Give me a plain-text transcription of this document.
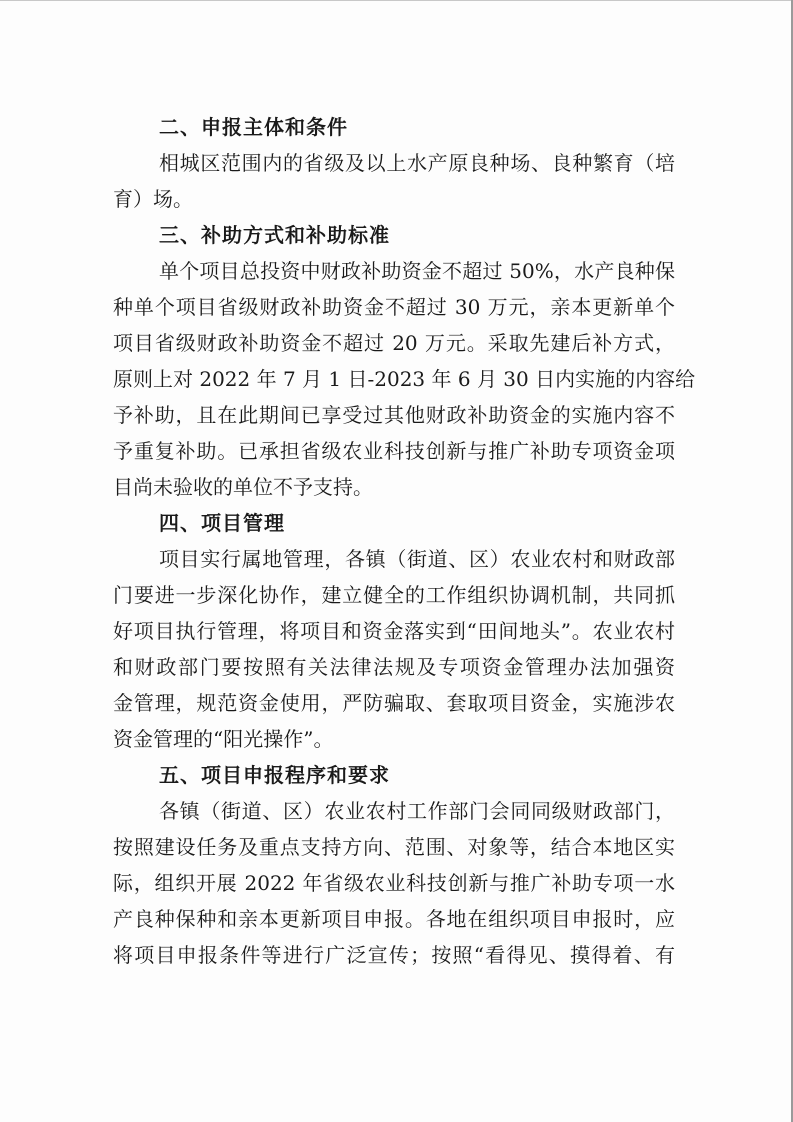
二、申报主体和条件

相城区范围内的省级及以上水产原良种场、良种繁育（培
育）场。

三、补助方式和补助标准

单个项目总投资中财政补助资金不超过 50%，水产良种保
种单个项目省级财政补助资金不超过 30 万元，亲本更新单个
项目省级财政补助资金不超过 20 万元。采取先建后补方式，
原则上对 2022 年 7 月 1 日-2023 年 6 月 30 日内实施的内容给
予补助，且在此期间已享受过其他财政补助资金的实施内容不
予重复补助。已承担省级农业科技创新与推广补助专项资金项
目尚未验收的单位不予支持。

四、项目管理

项目实行属地管理，各镇（街道、区）农业农村和财政部
门要进一步深化协作，建立健全的工作组织协调机制，共同抓
好项目执行管理，将项目和资金落实到“田间地头”。农业农村
和财政部门要按照有关法律法规及专项资金管理办法加强资
金管理，规范资金使用，严防骗取、套取项目资金，实施涉农
资金管理的“阳光操作”。

五、项目申报程序和要求

各镇（街道、区）农业农村工作部门会同同级财政部门，
按照建设任务及重点支持方向、范围、对象等，结合本地区实
际，组织开展 2022 年省级农业科技创新与推广补助专项一水
产良种保种和亲本更新项目申报。各地在组织项目申报时，应
将项目申报条件等进行广泛宣传；按照“看得见、摸得着、有
